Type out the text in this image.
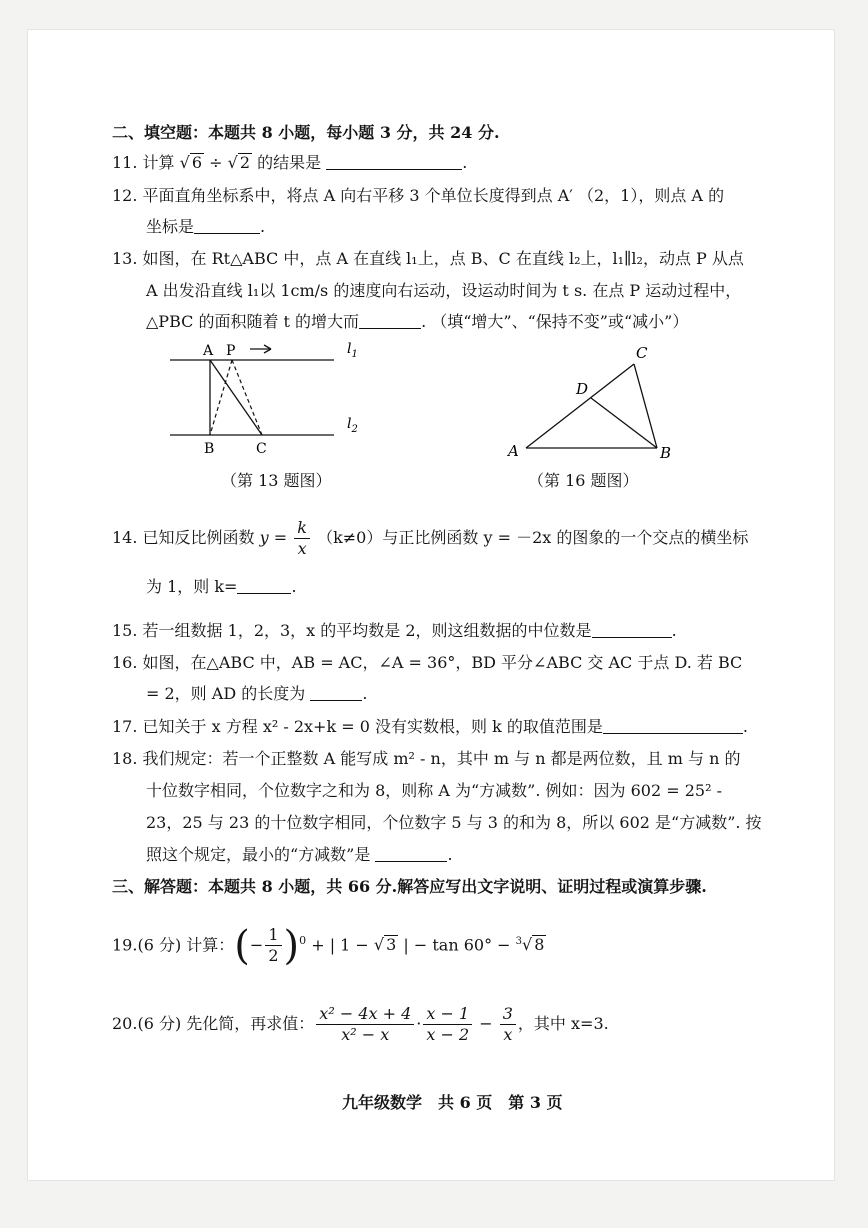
二、填空题：本题共 8 小题，每小题 3 分，共 24 分.
11. 计算 √ 6 ÷ √ 2 的结果是	.
12. 平面直角坐标系中，将点 A 向右平移 3 个单位长度得到点 A′ （2，1），则点 A 的
坐标是	.
13. 如图，在 Rt△ABC 中，点 A 在直线 l₁上，点 B、C 在直线 l₂上，l₁∥l₂，动点 P 从点
A 出发沿直线 l₁以 1cm/s 的速度向右运动，设运动时间为 t s. 在点 P 运动过程中，
△PBC 的面积随着 t 的增大而	. （填“增大”、“保持不变”或“减小”）
A P	$l_1$
$l_2$
B	C
（第 13 题图）
A	B
C
D
（第 16 题图）
14. 已知反比例函数 $y = \frac{k}{x} (k\ne 0)$与正比例函数 y = －2x 的图象的一个交点的横坐标
为 1，则 k=	.
15. 若一组数据 1，2，3，x 的平均数是 2，则这组数据的中位数是	.
16. 如图，在△ABC 中，AB = AC，∠A = 36°，BD 平分∠ABC 交 AC 于点 D. 若 BC
= 2，则 AD 的长度为	.
17. 已知关于 x 方程 x² - 2x+k = 0 没有实数根，则 k 的取值范围是	.
18. 我们规定：若一个正整数 A 能写成 m² - n，其中 m 与 n 都是两位数，且 m 与 n 的
十位数字相同，个位数字之和为 8，则称 A 为“方减数”. 例如：因为 602 = 25² -
23，25 与 23 的十位数字相同，个位数字 5 与 3 的和为 8，所以 602 是“方减数”. 按
照这个规定，最小的“方减数”是	.
三、解答题：本题共 8 小题，共 66 分.解答应写出文字说明、证明过程或演算步骤.
19.(6 分) 计算：(− $\frac{1}{2} )^0$ + | 1 − √ 3 | − tan 60° − $^3$√ 8
20.(6 分) 先化简，再求值： $\frac{\text{x² − 4x + 4}}{\text{x² − x}} \cdot \frac{x - 1}{x - 2} - \frac{3}{x}$ ，其中 x=3.
九年级数学　共 6 页　第 3 页
